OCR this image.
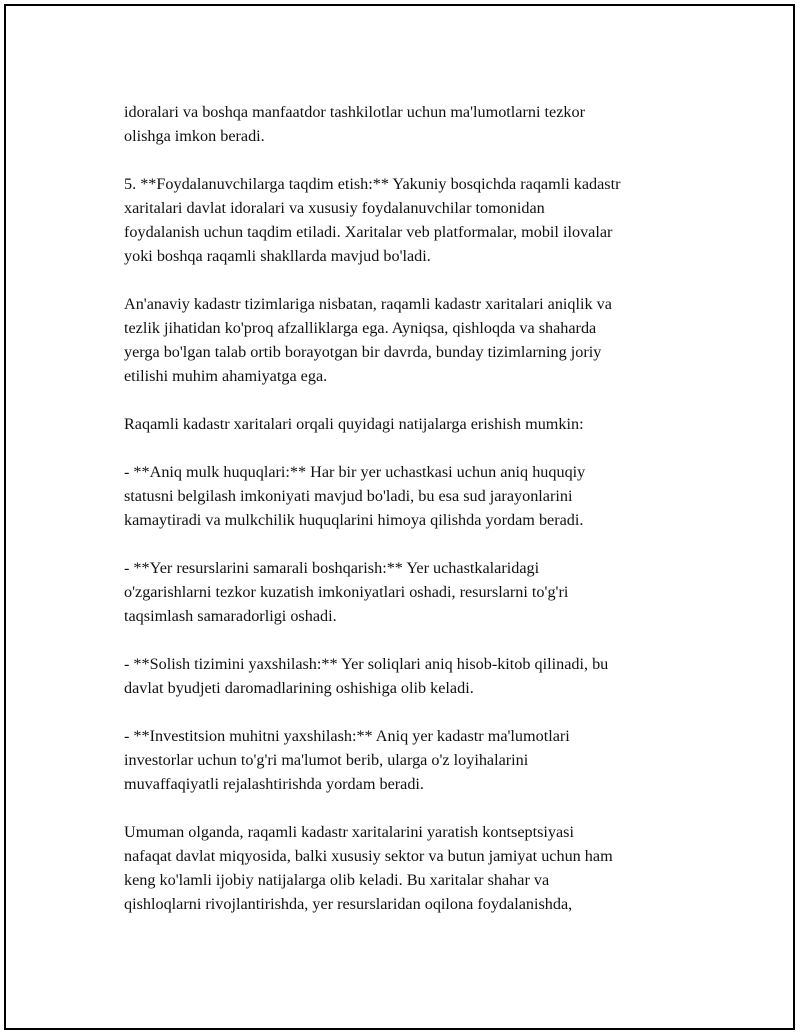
idoralari va boshqa manfaatdor tashkilotlar uchun ma'lumotlarni tezkor
olishga imkon beradi.

5. **Foydalanuvchilarga taqdim etish:** Yakuniy bosqichda raqamli kadastr
xaritalari davlat idoralari va xususiy foydalanuvchilar tomonidan
foydalanish uchun taqdim etiladi. Xaritalar veb platformalar, mobil ilovalar
yoki boshqa raqamli shakllarda mavjud bo'ladi.

An'anaviy kadastr tizimlariga nisbatan, raqamli kadastr xaritalari aniqlik va
tezlik jihatidan ko'proq afzalliklarga ega. Ayniqsa, qishloqda va shaharda
yerga bo'lgan talab ortib borayotgan bir davrda, bunday tizimlarning joriy
etilishi muhim ahamiyatga ega.

Raqamli kadastr xaritalari orqali quyidagi natijalarga erishish mumkin:

- **Aniq mulk huquqlari:** Har bir yer uchastkasi uchun aniq huquqiy
statusni belgilash imkoniyati mavjud bo'ladi, bu esa sud jarayonlarini
kamaytiradi va mulkchilik huquqlarini himoya qilishda yordam beradi.

- **Yer resurslarini samarali boshqarish:** Yer uchastkalaridagi
o'zgarishlarni tezkor kuzatish imkoniyatlari oshadi, resurslarni to'g'ri
taqsimlash samaradorligi oshadi.

- **Solish tizimini yaxshilash:** Yer soliqlari aniq hisob-kitob qilinadi, bu
davlat byudjeti daromadlarining oshishiga olib keladi.

- **Investitsion muhitni yaxshilash:** Aniq yer kadastr ma'lumotlari
investorlar uchun to'g'ri ma'lumot berib, ularga o'z loyihalarini
muvaffaqiyatli rejalashtirishda yordam beradi.

Umuman olganda, raqamli kadastr xaritalarini yaratish kontseptsiyasi
nafaqat davlat miqyosida, balki xususiy sektor va butun jamiyat uchun ham
keng ko'lamli ijobiy natijalarga olib keladi. Bu xaritalar shahar va
qishloqlarni rivojlantirishda, yer resurslaridan oqilona foydalanishda,
